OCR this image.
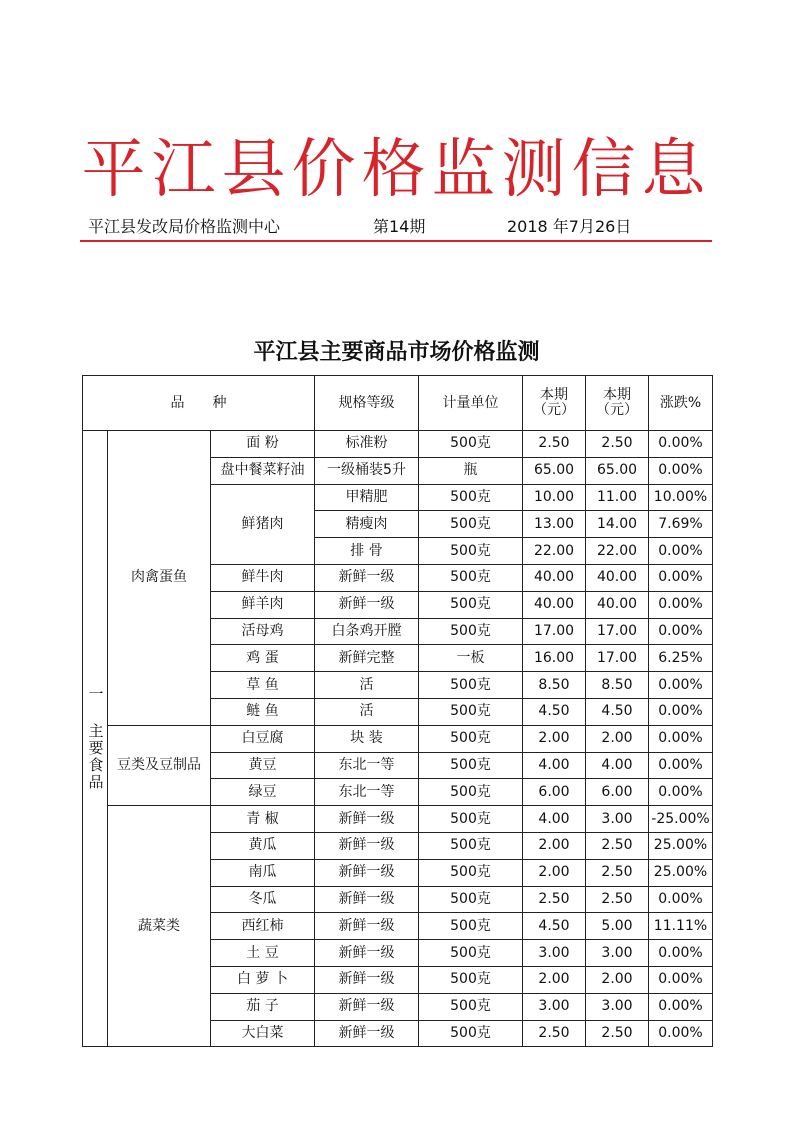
平江县价格监测信息
平江县发改局价格监测中心	第14期	2018 年7月26日
平江县主要商品市场价格监测
品　　种			规格等级	计量单位	本期（元）	本期（元）	涨跌%
一 主要食品	肉禽蛋鱼	面 粉	标准粉	500克	2.50	2.50	0.00%
		盘中餐菜籽油	一级桶装5升	瓶	65.00	65.00	0.00%
		鲜猪肉	甲精肥	500克	10.00	11.00	10.00%
			精瘦肉	500克	13.00	14.00	7.69%
			排 骨	500克	22.00	22.00	0.00%
		鲜牛肉	新鲜一级	500克	40.00	40.00	0.00%
		鲜羊肉	新鲜一级	500克	40.00	40.00	0.00%
		活母鸡	白条鸡开膛	500克	17.00	17.00	0.00%
		鸡 蛋	新鲜完整	一板	16.00	17.00	6.25%
		草 鱼	活	500克	8.50	8.50	0.00%
		鲢 鱼	活	500克	4.50	4.50	0.00%
	豆类及豆制品	白豆腐	块 装	500克	2.00	2.00	0.00%
		黄豆	东北一等	500克	4.00	4.00	0.00%
		绿豆	东北一等	500克	6.00	6.00	0.00%
	蔬菜类	青 椒	新鲜一级	500克	4.00	3.00	-25.00%
		黄瓜	新鲜一级	500克	2.00	2.50	25.00%
		南瓜	新鲜一级	500克	2.00	2.50	25.00%
		冬瓜	新鲜一级	500克	2.50	2.50	0.00%
		西红柿	新鲜一级	500克	4.50	5.00	11.11%
		土 豆	新鲜一级	500克	3.00	3.00	0.00%
		白 萝 卜	新鲜一级	500克	2.00	2.00	0.00%
		茄 子	新鲜一级	500克	3.00	3.00	0.00%
		大白菜	新鲜一级	500克	2.50	2.50	0.00%
